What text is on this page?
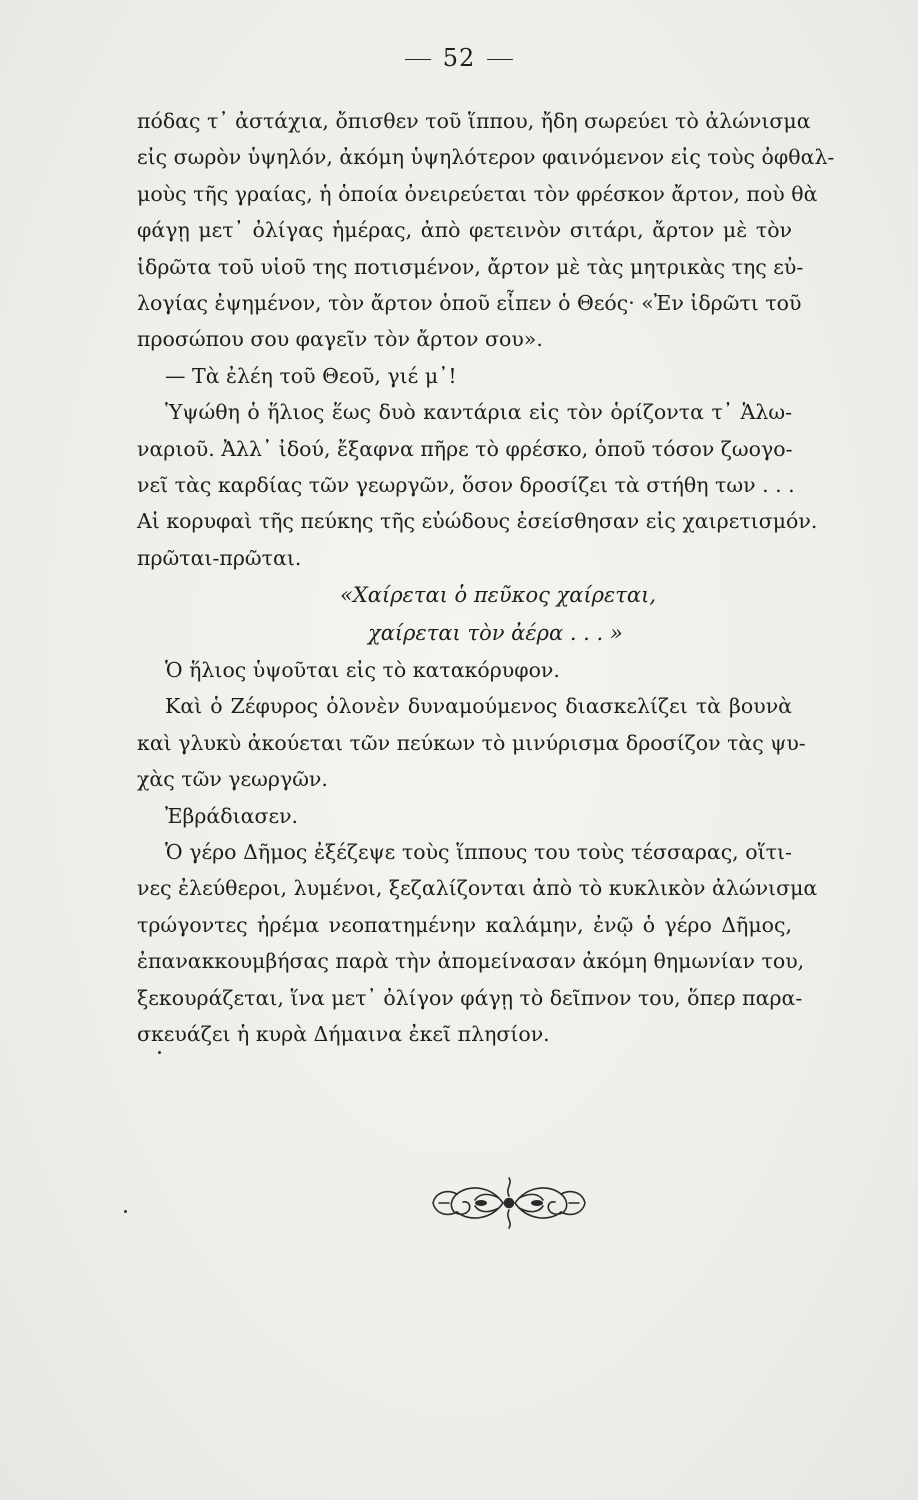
52
πόδας τ᾽ ἀστάχια, ὄπισθεν τοῦ ἵππου, ἤδη σωρεύει τὸ ἀλώνισμα
εἰς σωρὸν ὑψηλόν, ἀκόμη ὑψηλότερον φαινόμενον εἰς τοὺς ὀφθαλ-
μοὺς τῆς γραίας, ἡ ὁποία ὀνειρεύεται τὸν φρέσκον ἄρτον, ποὺ θὰ
φάγῃ μετ᾽ ὀλίγας ἡμέρας, ἀπὸ φετεινὸν σιτάρι, ἄρτον μὲ τὸν
ἱδρῶτα τοῦ υἱοῦ της ποτισμένον, ἄρτον μὲ τὰς μητρικὰς της εὐ-
λογίας ἐψημένον, τὸν ἄρτον ὁποῦ εἶπεν ὁ Θεός· «Ἐν ἱδρῶτι τοῦ
προσώπου σου φαγεῖν τὸν ἄρτον σου».
— Τὰ ἐλέη τοῦ Θεοῦ, γιέ μ᾽!
Ὑψώθη ὁ ἥλιος ἕως δυὸ καντάρια εἰς τὸν ὁρίζοντα τ᾽ Ἁλω-
ναριοῦ. Ἀλλ᾽ ἰδού, ἔξαφνα πῆρε τὸ φρέσκο, ὁποῦ τόσον ζωογο-
νεῖ τὰς καρδίας τῶν γεωργῶν, ὅσον δροσίζει τὰ στήθη των . . .
Αἱ κορυφαὶ τῆς πεύκης τῆς εὐώδους ἐσείσθησαν εἰς χαιρετισμόν.
πρῶται-πρῶται.
«Χαίρεται ὁ πεῦκος χαίρεται,
χαίρεται τὸν ἀέρα . . . »
Ὁ ἥλιος ὑψοῦται εἰς τὸ κατακόρυφον.
Καὶ ὁ Ζέφυρος ὁλονὲν δυναμούμενος διασκελίζει τὰ βουνὰ
καὶ γλυκὺ ἀκούεται τῶν πεύκων τὸ μινύρισμα δροσίζον τὰς ψυ-
χὰς τῶν γεωργῶν.
Ἐβράδιασεν.
Ὁ γέρο Δῆμος ἐξέζεψε τοὺς ἵππους του τοὺς τέσσαρας, οἵτι-
νες ἐλεύθεροι, λυμένοι, ξεζαλίζονται ἀπὸ τὸ κυκλικὸν ἀλώνισμα
τρώγοντες ἠρέμα νεοπατημένην καλάμην, ἐνῷ ὁ γέρο Δῆμος,
ἐπανακκουμβήσας παρὰ τὴν ἀπομείνασαν ἀκόμη θημωνίαν του,
ξεκουράζεται, ἵνα μετ᾽ ὀλίγον φάγῃ τὸ δεῖπνον του, ὅπερ παρα-
σκευάζει ἡ κυρὰ Δήμαινα ἐκεῖ πλησίον.
